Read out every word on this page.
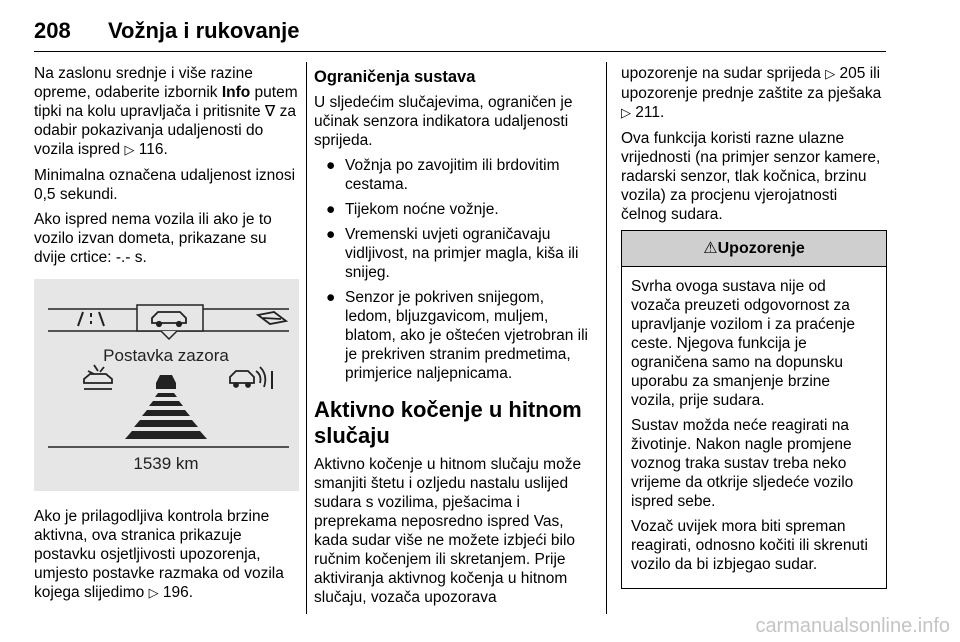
208 Vožnja i rukovanje

Na zaslonu srednje i više razine opreme, odaberite izbornik Info putem tipki na kolu upravljača i pritisnite ∇ za odabir pokazivanja udaljenosti do vozila ispred ▷ 116.

Minimalna označena udaljenost iznosi 0,5 sekundi.

Ako ispred nema vozila ili ako je to vozilo izvan dometa, prikazane su dvije crtice: -.- s.

Postavka zazora
1539 km

Ako je prilagodljiva kontrola brzine aktivna, ova stranica prikazuje postavku osjetljivosti upozorenja, umjesto postavke razmaka od vozila kojega slijedimo ▷ 196.

Ograničenja sustava

U sljedećim slučajevima, ograničen je učinak senzora indikatora udaljenosti sprijeda.

● Vožnja po zavojitim ili brdovitim cestama.
● Tijekom noćne vožnje.
● Vremenski uvjeti ograničavaju vidljivost, na primjer magla, kiša ili snijeg.
● Senzor je pokriven snijegom, ledom, bljuzgavicom, muljem, blatom, ako je oštećen vjetrobran ili je prekriven stranim predmetima, primjerice naljepnicama.
Aktivno kočenje u hitnom slučaju

Aktivno kočenje u hitnom slučaju može smanjiti štetu i ozljedu nastalu uslijed sudara s vozilima, pješacima i preprekama neposredno ispred Vas, kada sudar više ne možete izbjeći bilo ručnim kočenjem ili skretanjem. Prije aktiviranja aktivnog kočenja u hitnom slučaju, vozača upozorava

upozorenje na sudar sprijeda ▷ 205 ili upozorenje prednje zaštite za pješaka ▷ 211.

Ova funkcija koristi razne ulazne vrijednosti (na primjer senzor kamere, radarski senzor, tlak kočnica, brzinu vozila) za procjenu vjerojatnosti čelnog sudara.

⚠Upozorenje

Svrha ovoga sustava nije od vozača preuzeti odgovornost za upravljanje vozilom i za praćenje ceste. Njegova funkcija je ograničena samo na dopunsku uporabu za smanjenje brzine vozila, prije sudara.

Sustav možda neće reagirati na životinje. Nakon nagle promjene voznog traka sustav treba neko vrijeme da otkrije sljedeće vozilo ispred sebe.

Vozač uvijek mora biti spreman reagirati, odnosno kočiti ili skrenuti vozilo da bi izbjegao sudar.

carmanualsonline.info
